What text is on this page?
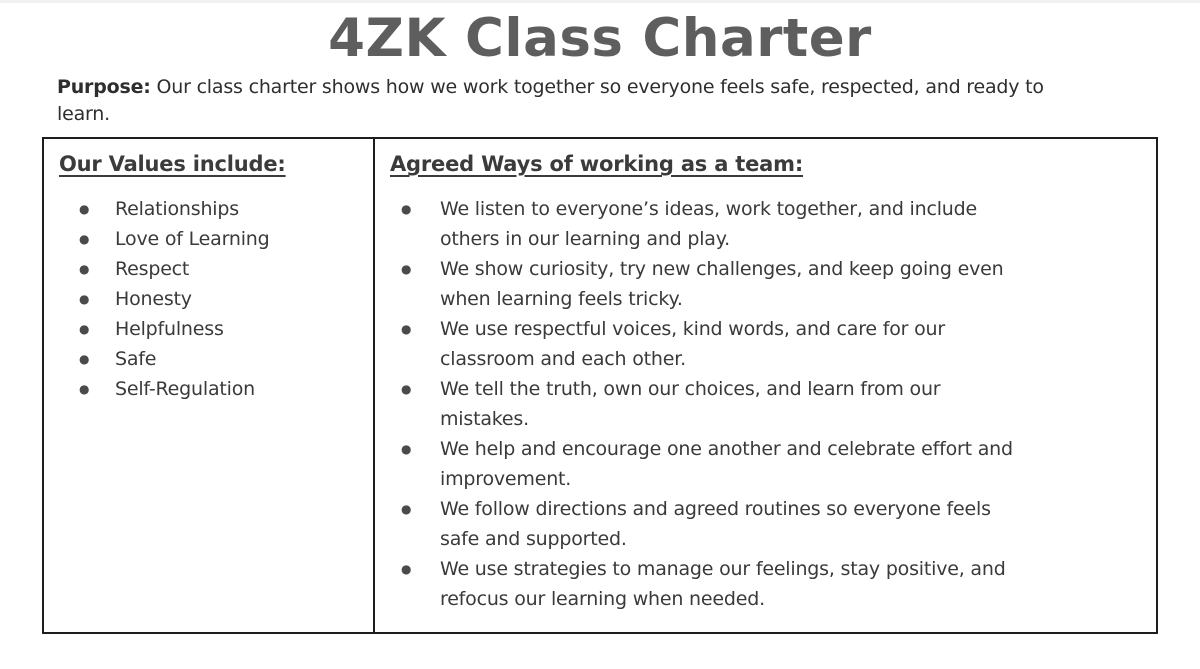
4ZK Class Charter

Purpose: Our class charter shows how we work together so everyone feels safe, respected, and ready to
learn.

Our Values include:
● Relationships
● Love of Learning
● Respect
● Honesty
● Helpfulness
● Safe
● Self-Regulation
Agreed Ways of working as a team:
● We listen to everyone’s ideas, work together, and include
others in our learning and play.
● We show curiosity, try new challenges, and keep going even
when learning feels tricky.
● We use respectful voices, kind words, and care for our
classroom and each other.
● We tell the truth, own our choices, and learn from our
mistakes.
● We help and encourage one another and celebrate effort and
improvement.
● We follow directions and agreed routines so everyone feels
safe and supported.
● We use strategies to manage our feelings, stay positive, and
refocus our learning when needed.
